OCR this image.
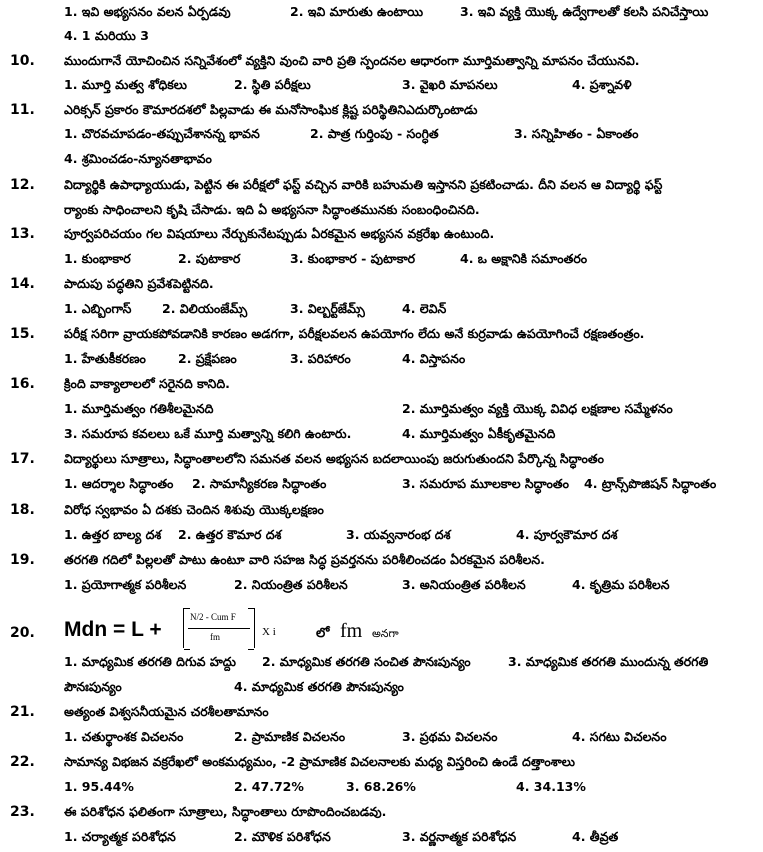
1. ఇవి అభ్యసనం వలన ఏర్పడవు	2. ఇవి మారుతు ఉంటాయి	3. ఇవి వ్యక్తి యొక్క ఉద్వేగాలతో కలసి పనిచేస్తాయి
4. 1 మరియు 3
10.	ముందుగానే యోచించిన సన్నివేశంలో వ్యక్తిని వుంచి వారి ప్రతి స్పందనల ఆధారంగా మూర్తిమత్వాన్ని మాపనం చేయునవి.
1. మూర్తి మత్వ శోధికలు	2. స్థితి పరీక్షలు	3. వైఖరి మాపనలు	4. ప్రశ్నావళి
11.	ఎరిక్సన్ ప్రకారం కౌమారదశలో పిల్లవాడు ఈ మనోసాంఘిక క్లిష్ట పరిస్థితినిఎదుర్కొంటాడు
1. చొరవచూపడం-తప్పుచేశానన్న భావన	2. పాత్ర గుర్తింపు - సంగ్ధిత	3. సన్నిహితం - ఏకాంతం
4. శ్రమించడం-న్యూనతాభావం
12.	విద్యార్థికి ఉపాధ్యాయుడు, పెట్టిన ఈ పరీక్షలో ఫస్ట్ వచ్చిన వారికి బహుమతి ఇస్తానని ప్రకటించాడు. దీని వలన ఆ విద్యార్థి ఫస్ట్
ర్యాంకు సాధించాలని కృషి చేసాడు. ఇది ఏ అభ్యసనా సిద్ధాంతమునకు సంబంధించినది.
13.	పూర్వపరిచయం గల విషయాలు నేర్చుకునేటప్పుడు ఏరకమైన అభ్యసన వక్రరేఖ ఉంటుంది.
1. కుంభాకార	2. పుటాకార	3. కుంభాకార - పుటాకార	4. ఒ అక్షానికి సమాంతరం
14.	పాదుపు పద్ధతిని ప్రవేశపెట్టినది.
1. ఎబ్బింగాస్ 2. విలియంజేమ్స్	3. విల్బర్ట్‌జేమ్స్	4. లెవిన్
15.	పరీక్ష సరిగా వ్రాయకపోవడానికి కారణం అడగగా, పరీక్షలవలన ఉపయోగం లేదు అనే కుర్రవాడు ఉపయోగించే రక్షణతంత్రం.
1. హేతుకీకరణం	2. ప్రక్షేపణం	3. పరిహారం	4. విస్తాపనం
16.	క్రింది వాక్యాలాలలో సరైనది కానిది.
1. మూర్తిమత్వం గతిశీలమైనది	2. మూర్తిమత్వం వ్యక్తి యొక్క వివిధ లక్షణాల సమ్మేళనం
3. సమరూప కవలలు ఒకే మూర్తి మత్వాన్ని కలిగి ఉంటారు.	4. మూర్తిమత్వం ఏకీకృతమైనది
17.	విద్యార్థులు సూత్రాలు, సిద్ధాంతాలలోని సమనత వలన అభ్యసన బదలాయింపు జరుగుతుందని పేర్కొన్న సిద్ధాంతం
1. ఆదర్శాల సిద్ధాంతం 2. సామాన్యీకరణ సిద్ధాంతం	3. సమరూప మూలకాల సిద్ధాంతం 4. ట్రాన్స్‌పొజిషన్ సిద్ధాంతం
18.	విరోధ స్వభావం ఏ దశకు చెందిన శిశువు యొక్కలక్షణం
1. ఉత్తర బాల్య దశ 2. ఉత్తర కౌమార దశ	3. యవ్వనారంభ దశ	4. పూర్వకౌమార దశ
19.	తరగతి గదిలో పిల్లలతో పాటు ఉంటూ వారి సహజ సిద్ధ ప్రవర్తనను పరిశీలించడం ఏరకమైన పరిశీలన.
1. ప్రయోగాత్మక పరిశీలన	2. నియంత్రిత పరిశీలన	3. అనియంత్రిత పరిశీలన	4. కృత్రిమ పరిశీలన
20.	Mdn = L +
N/2 - Cum F
fm	X i	లో fm అనగా
1. మాధ్యమిక తరగతి దిగువ హద్దు 2. మాధ్యమిక తరగతి సంచిత పౌనఃపున్యం	3. మాధ్యమిక తరగతి ముందున్న తరగతి
పౌనఃపున్యం	4. మాధ్యమిక తరగతి పౌనఃపున్యం
21.	అత్యంత విశ్వసనీయమైన చరశీలతామానం
1. చతుర్థాంశక విచలనం	2. ప్రామాణిక విచలనం	3. ప్రథమ విచలనం	4. సగటు విచలనం
22.	సామాన్య విభజన వక్రరేఖలో అంకమధ్యమం, -2 ప్రామాణిక విచలనాలకు మధ్య విస్తరించి ఉండే దత్తాంశాలు
1. 95.44%	2. 47.72%	3. 68.26%	4. 34.13%
23.	ఈ పరిశోధన ఫలితంగా సూత్రాలు, సిద్ధాంతాలు రూపొందించబడవు.
1. చర్యాత్మక పరిశోధన	2. మౌళిక పరిశోధన	3. వర్ణనాత్మక పరిశోధన	4. తీవ్రత
